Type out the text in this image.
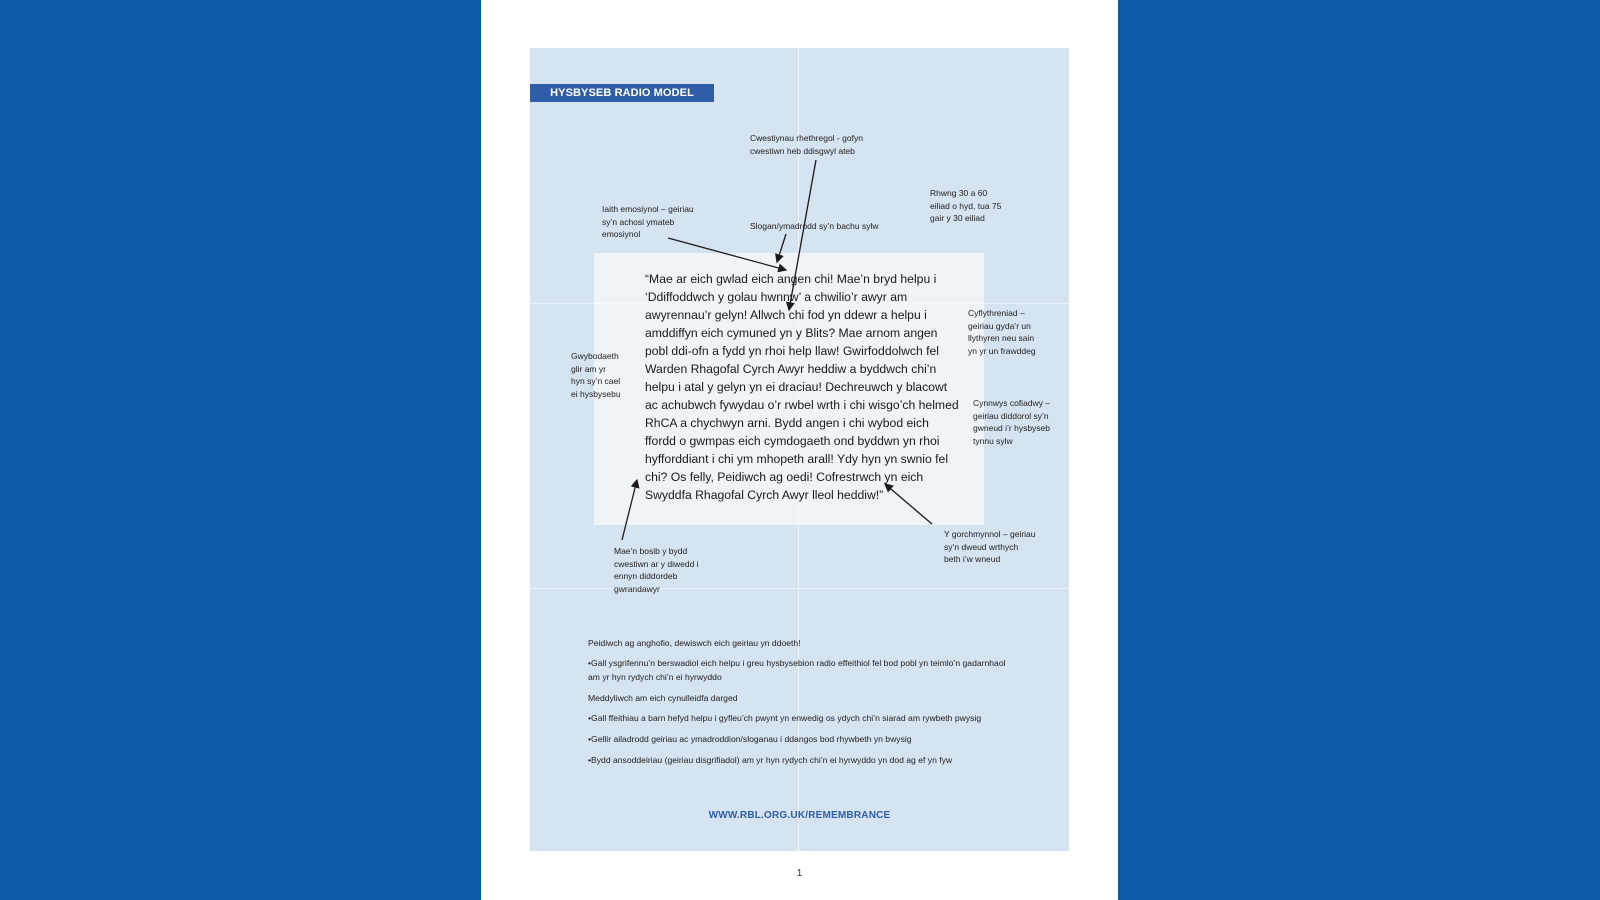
HYSBYSEB RADIO MODEL

“Mae ar eich gwlad eich angen chi! Mae’n bryd helpu i ‘Ddiffoddwch y golau hwnnw’ a chwilio’r awyr am awyrennau’r gelyn! Allwch chi fod yn ddewr a helpu i amddiffyn eich cymuned yn y Blits? Mae arnom angen pobl ddi-ofn a fydd yn rhoi help llaw! Gwirfoddolwch fel Warden Rhagofal Cyrch Awyr heddiw a byddwch chi’n helpu i atal y gelyn yn ei draciau! Dechreuwch y blacowt ac achubwch fywydau o’r rwbel wrth i chi wisgo’ch helmed RhCA a chychwyn arni. Bydd angen i chi wybod eich ffordd o gwmpas eich cymdogaeth ond byddwn yn rhoi hyfforddiant i chi ym mhopeth arall! Ydy hyn yn swnio fel chi? Os felly, Peidiwch ag oedi! Cofrestrwch yn eich Swyddfa Rhagofal Cyrch Awyr lleol heddiw!”

Cwestiynau rhethregol - gofyn
cwestiwn heb ddisgwyl ateb
Iaith emosiynol – geiriau
sy’n achosi ymateb
emosiynol
Slogan/ymadrodd sy’n bachu sylw
Rhwng 30 a 60
eiliad o hyd, tua 75
gair y 30 eiliad
Cyflythreniad –
geiriau gyda’r un
llythyren neu sain
yn yr un frawddeg
Gwybodaeth
glir am yr
hyn sy’n cael
ei hysbysebu
Cynnwys cofiadwy –
geiriau diddorol sy’n
gwneud i’r hysbyseb
tynnu sylw
Y gorchmynnol – geiriau
sy’n dweud wrthych
beth i’w wneud
Mae’n bosib y bydd
cwestiwn ar y diwedd i
ennyn diddordeb
gwrandawyr

Peidiwch ag anghofio, dewiswch eich geiriau yn ddoeth!

•Gall ysgrifennu’n berswadiol eich helpu i greu hysbysebion radio effeithiol fel bod pobl yn teimlo’n gadarnhaol am yr hyn rydych chi’n ei hyrwyddo

Meddyliwch am eich cynulleidfa darged

•Gall ffeithiau a barn hefyd helpu i gyfleu’ch pwynt yn enwedig os ydych chi’n siarad am rywbeth pwysig

•Gellir ailadrodd geiriau ac ymadroddion/sloganau i ddangos bod rhywbeth yn bwysig

•Bydd ansoddeiriau (geiriau disgrifiadol) am yr hyn rydych chi’n ei hyrwyddo yn dod ag ef yn fyw

WWW.RBL.ORG.UK/REMEMBRANCE
1
